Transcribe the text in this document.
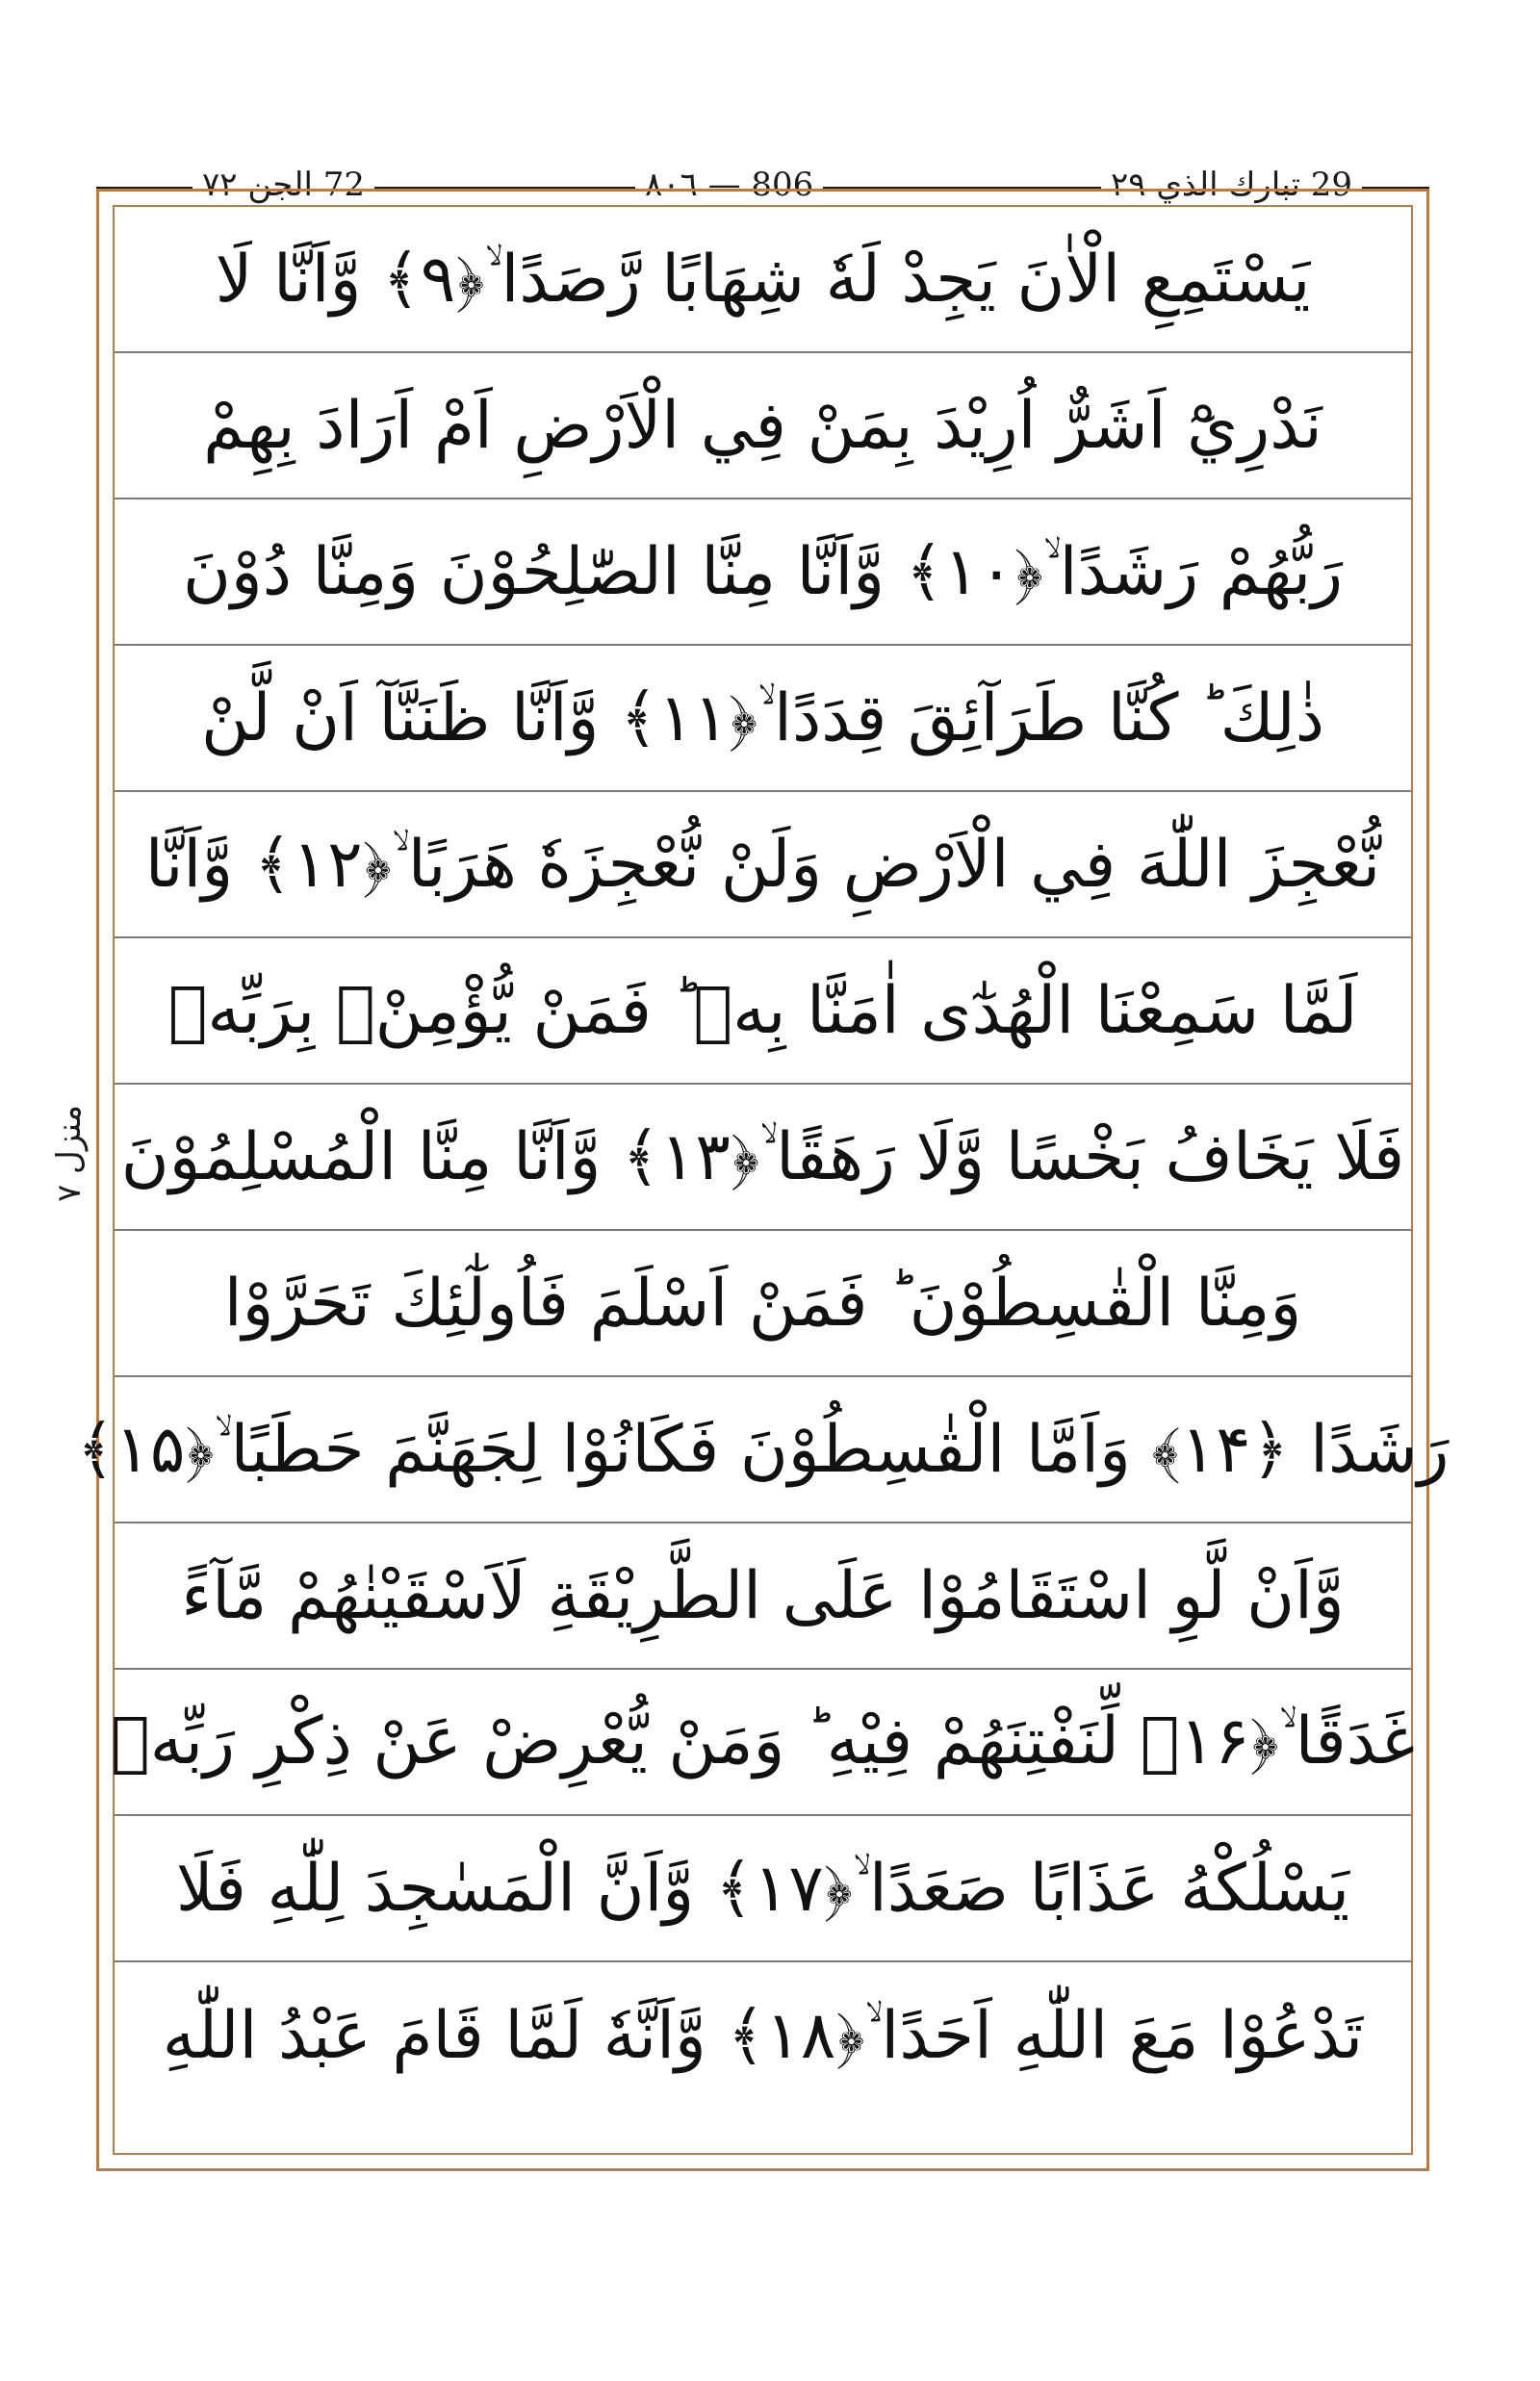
72 الجن ٧٢	٨٠٦ — 806	29 تبارك الذي ٢٩
منزل ٧
يَسْتَمِعِ الْاٰنَ يَجِدْ لَهٗ شِهَابًا رَّصَدًا ۙ﴿۹﴾ وَّاَنَّا لَا
نَدْرِيْٓ اَشَرٌّ اُرِيْدَ بِمَنْ فِي الْاَرْضِ اَمْ اَرَادَ بِهِمْ
رَبُّهُمْ رَشَدًا ۙ﴿۱۰﴾ وَّاَنَّا مِنَّا الصّٰلِحُوْنَ وَمِنَّا دُوْنَ
ذٰلِكَ ؕ كُنَّا طَرَآئِقَ قِدَدًا ۙ﴿۱۱﴾ وَّاَنَّا ظَنَنَّآ اَنْ لَّنْ
نُّعْجِزَ اللّٰهَ فِي الْاَرْضِ وَلَنْ نُّعْجِزَهٗ هَرَبًا ۙ﴿۱۲﴾ وَّاَنَّا
لَمَّا سَمِعْنَا الْهُدٰٓى اٰمَنَّا بِهٖ ؕ فَمَنْ يُّؤْمِنْۢ بِرَبِّهٖ
فَلَا يَخَافُ بَخْسًا وَّلَا رَهَقًا ۙ﴿۱۳﴾ وَّاَنَّا مِنَّا الْمُسْلِمُوْنَ
وَمِنَّا الْقٰسِطُوْنَ ؕ فَمَنْ اَسْلَمَ فَاُولٰٓئِكَ تَحَرَّوْا
رَشَدًا ﴿۱۴﴾ وَاَمَّا الْقٰسِطُوْنَ فَكَانُوْا لِجَهَنَّمَ حَطَبًا ۙ﴿۱۵﴾
وَّاَنْ لَّوِ اسْتَقَامُوْا عَلَى الطَّرِيْقَةِ لَاَسْقَيْنٰهُمْ مَّآءً
غَدَقًا ۙ﴿۱۶﴾ لِّنَفْتِنَهُمْ فِيْهِ ؕ وَمَنْ يُّعْرِضْ عَنْ ذِكْرِ رَبِّهٖ
يَسْلُكْهُ عَذَابًا صَعَدًا ۙ﴿۱۷﴾ وَّاَنَّ الْمَسٰجِدَ لِلّٰهِ فَلَا
تَدْعُوْا مَعَ اللّٰهِ اَحَدًا ۙ﴿۱۸﴾ وَّاَنَّهٗ لَمَّا قَامَ عَبْدُ اللّٰهِ
